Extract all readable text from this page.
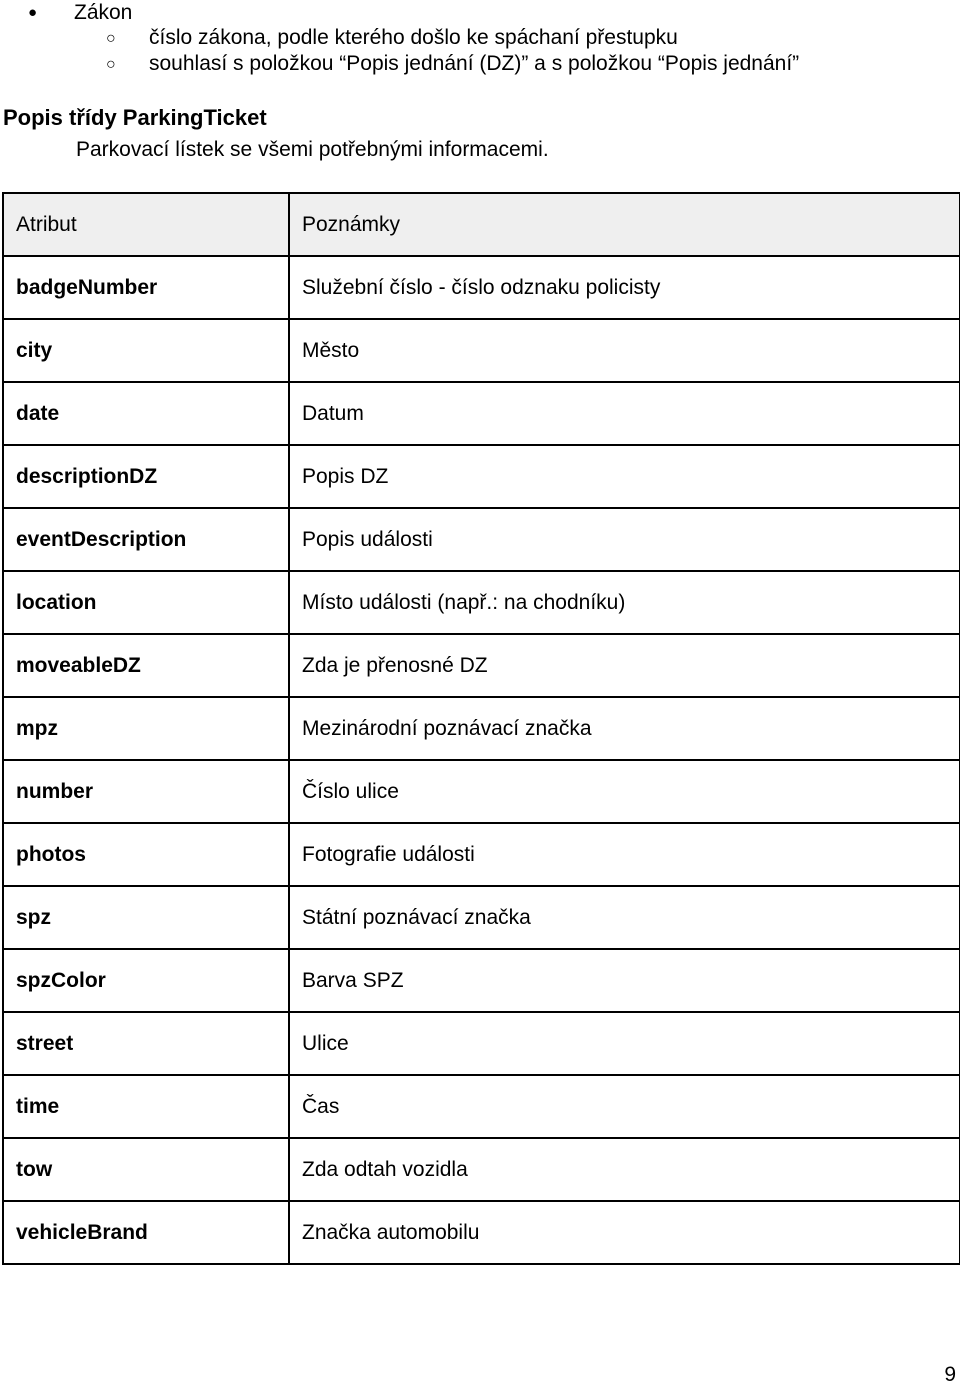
● Zákon
○ číslo zákona, podle kterého došlo ke spáchaní přestupku
○ souhlasí s položkou “Popis jednání (DZ)” a s položkou “Popis jednání”
Popis třídy ParkingTicket
Parkovací lístek se všemi potřebnými informacemi.
Atribut	Poznámky
badgeNumber	Služební číslo - číslo odznaku policisty
city	Město
date	Datum
descriptionDZ	Popis DZ
eventDescription	Popis události
location	Místo události (např.: na chodníku)
moveableDZ	Zda je přenosné DZ
mpz	Mezinárodní poznávací značka
number	Číslo ulice
photos	Fotografie události
spz	Státní poznávací značka
spzColor	Barva SPZ
street	Ulice
time	Čas
tow	Zda odtah vozidla
vehicleBrand	Značka automobilu
9
